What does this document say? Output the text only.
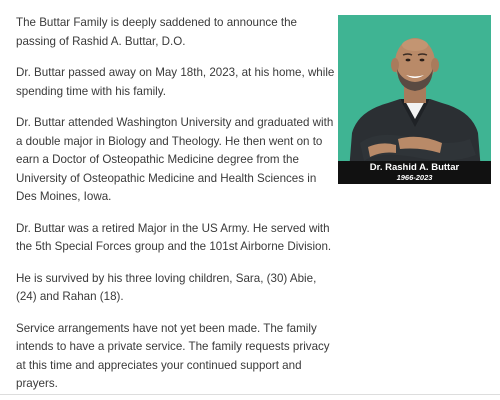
The Buttar Family is deeply saddened to announce the passing of Rashid A. Buttar, D.O.

Dr. Buttar passed away on May 18th, 2023, at his home, while spending time with his family.

Dr. Buttar attended Washington University and graduated with a double major in Biology and Theology. He then went on to earn a Doctor of Osteopathic Medicine degree from the University of Osteopathic Medicine and Health Sciences in Des Moines, Iowa.

Dr. Buttar was a retired Major in the US Army. He served with the 5th Special Forces group and the 101st Airborne Division.

He is survived by his three loving children, Sara, (30) Abie, (24) and Rahan (18).

Service arrangements have not yet been made. The family intends to have a private service. The family requests privacy at this time and appreciates your continued support and prayers.

Dr. Rashid A. Buttar
1966-2023
